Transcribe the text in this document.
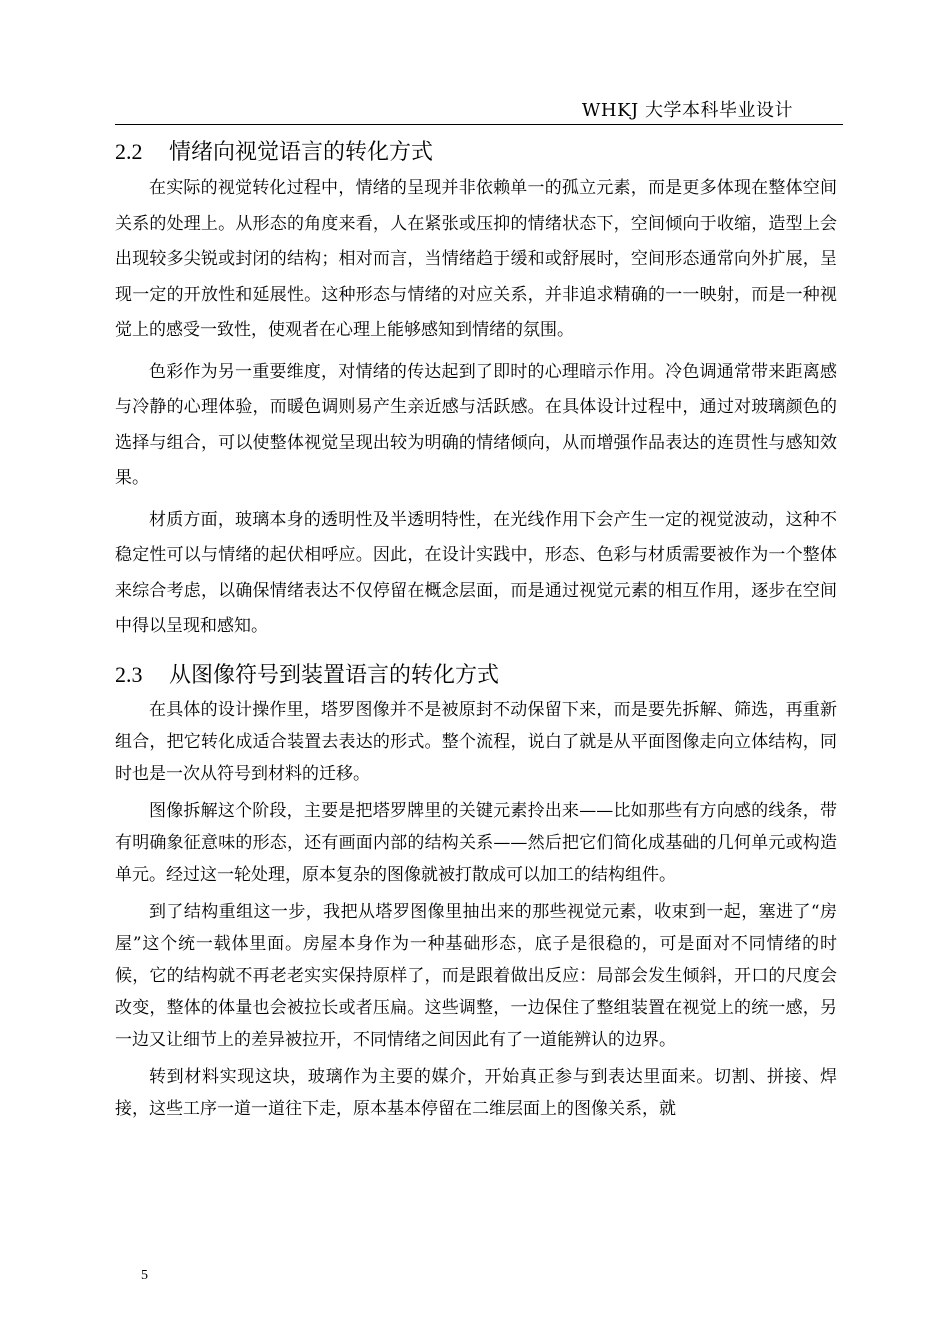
WHKJ 大学本科毕业设计
2.2 情绪向视觉语言的转化方式

在实际的视觉转化过程中，情绪的呈现并非依赖单一的孤立元素，而是更多体现在整体空间关系的处理上。从形态的角度来看，人在紧张或压抑的情绪状态下，空间倾向于收缩，造型上会出现较多尖锐或封闭的结构；相对而言，当情绪趋于缓和或舒展时，空间形态通常向外扩展，呈现一定的开放性和延展性。这种形态与情绪的对应关系，并非追求精确的一一映射，而是一种视觉上的感受一致性，使观者在心理上能够感知到情绪的氛围。

色彩作为另一重要维度，对情绪的传达起到了即时的心理暗示作用。冷色调通常带来距离感与冷静的心理体验，而暖色调则易产生亲近感与活跃感。在具体设计过程中，通过对玻璃颜色的选择与组合，可以使整体视觉呈现出较为明确的情绪倾向，从而增强作品表达的连贯性与感知效果。

材质方面，玻璃本身的透明性及半透明特性，在光线作用下会产生一定的视觉波动，这种不稳定性可以与情绪的起伏相呼应。因此，在设计实践中，形态、色彩与材质需要被作为一个整体来综合考虑，以确保情绪表达不仅停留在概念层面，而是通过视觉元素的相互作用，逐步在空间中得以呈现和感知。

2.3 从图像符号到装置语言的转化方式

在具体的设计操作里，塔罗图像并不是被原封不动保留下来，而是要先拆解、筛选，再重新组合，把它转化成适合装置去表达的形式。整个流程，说白了就是从平面图像走向立体结构，同时也是一次从符号到材料的迁移。

图像拆解这个阶段，主要是把塔罗牌里的关键元素拎出来——比如那些有方向感的线条，带有明确象征意味的形态，还有画面内部的结构关系——然后把它们简化成基础的几何单元或构造单元。经过这一轮处理，原本复杂的图像就被打散成可以加工的结构组件。

到了结构重组这一步，我把从塔罗图像里抽出来的那些视觉元素，收束到一起，塞进了“房屋”这个统一载体里面。房屋本身作为一种基础形态，底子是很稳的，可是面对不同情绪的时候，它的结构就不再老老实实保持原样了，而是跟着做出反应：局部会发生倾斜，开口的尺度会改变，整体的体量也会被拉长或者压扁。这些调整，一边保住了整组装置在视觉上的统一感，另一边又让细节上的差异被拉开，不同情绪之间因此有了一道能辨认的边界。

转到材料实现这块，玻璃作为主要的媒介，开始真正参与到表达里面来。切割、拼接、焊接，这些工序一道一道往下走，原本基本停留在二维层面上的图像关系，就

5
